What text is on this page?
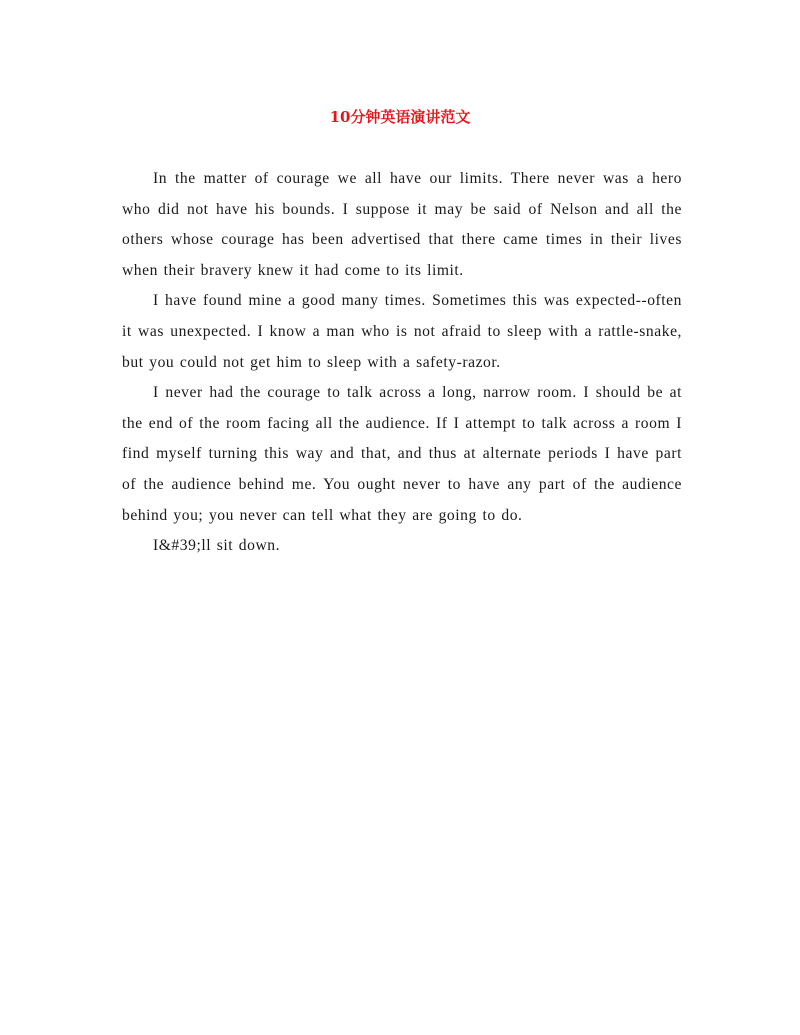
10分钟英语演讲范文

In the matter of courage we all have our limits. There never was a hero who did not have his bounds. I suppose it may be said of Nelson and all the others whose courage has been advertised that there came times in their lives when their bravery knew it had come to its limit.

I have found mine a good many times. Sometimes this was expected--often it was unexpected. I know a man who is not afraid to sleep with a rattle-snake, but you could not get him to sleep with a safety-razor.

I never had the courage to talk across a long, narrow room. I should be at the end of the room facing all the audience. If I attempt to talk across a room I find myself turning this way and that, and thus at alternate periods I have part of the audience behind me. You ought never to have any part of the audience behind you; you never can tell what they are going to do.

I&#39;ll sit down.
